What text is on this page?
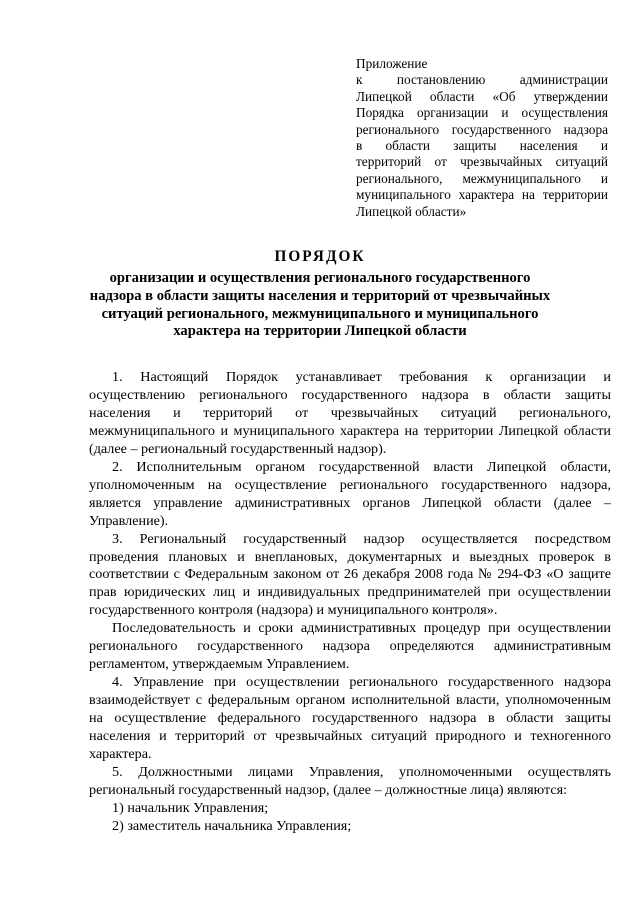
Приложение
к постановлению администрации
Липецкой области «Об утверждении
Порядка организации и осуществления
регионального государственного надзора
в области защиты населения и
территорий от чрезвычайных ситуаций
регионального, межмуниципального и
муниципального характера на территории
Липецкой области»
ПОРЯДОК
организации и осуществления регионального государственного надзора в области защиты населения и территорий от чрезвычайных ситуаций регионального, межмуниципального и муниципального характера на территории Липецкой области

1. Настоящий Порядок устанавливает требования к организации и осуществлению регионального государственного надзора в области защиты населения и территорий от чрезвычайных ситуаций регионального, межмуниципального и муниципального характера на территории Липецкой области (далее – региональный государственный надзор).

2. Исполнительным органом государственной власти Липецкой области, уполномоченным на осуществление регионального государственного надзора, является управление административных органов Липецкой области (далее – Управление).

3. Региональный государственный надзор осуществляется посредством проведения плановых и внеплановых, документарных и выездных проверок в соответствии с Федеральным законом от 26 декабря 2008 года № 294-ФЗ «О защите прав юридических лиц и индивидуальных предпринимателей при осуществлении государственного контроля (надзора) и муниципального контроля».

Последовательность и сроки административных процедур при осуществлении регионального государственного надзора определяются административным регламентом, утверждаемым Управлением.

4. Управление при осуществлении регионального государственного надзора взаимодействует с федеральным органом исполнительной власти, уполномоченным на осуществление федерального государственного надзора в области защиты населения и территорий от чрезвычайных ситуаций природного и техногенного характера.

5. Должностными лицами Управления, уполномоченными осуществлять региональный государственный надзор, (далее – должностные лица) являются:

1) начальник Управления;

2) заместитель начальника Управления;
